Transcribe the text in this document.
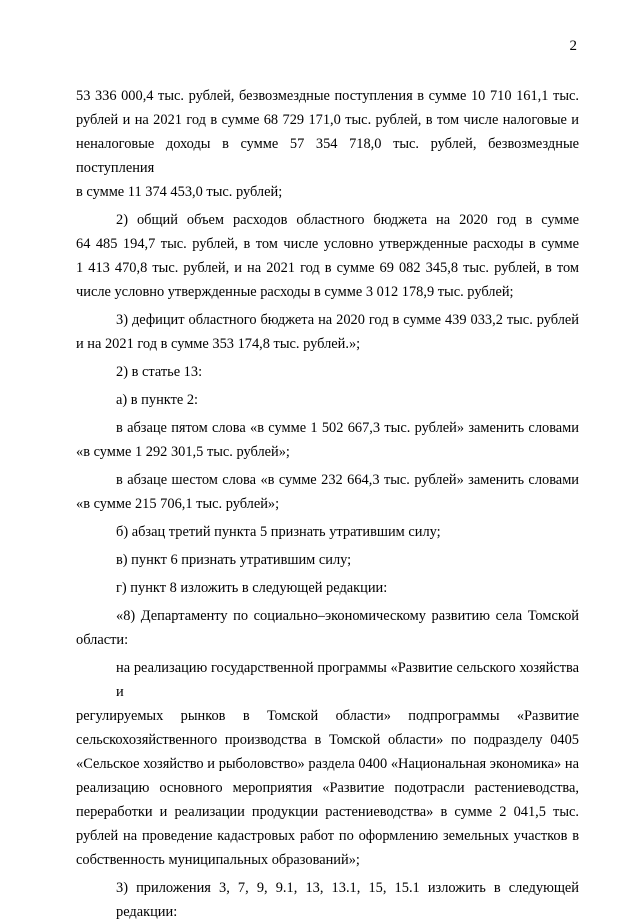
2

53 336 000,4 тыс. рублей, безвозмездные поступления в сумме 10 710 161,1 тыс.
рублей и на 2021 год в сумме 68 729 171,0 тыс. рублей, в том числе налоговые и
неналоговые доходы в сумме 57 354 718,0 тыс. рублей, безвозмездные поступления
в сумме 11 374 453,0 тыс. рублей;

2) общий объем расходов областного бюджета на 2020 год в сумме
64 485 194,7 тыс. рублей, в том числе условно утвержденные расходы в сумме
1 413 470,8 тыс. рублей, и на 2021 год в сумме 69 082 345,8 тыс. рублей, в том
числе условно утвержденные расходы в сумме 3 012 178,9 тыс. рублей;

3) дефицит областного бюджета на 2020 год в сумме 439 033,2 тыс. рублей
и на 2021 год в сумме 353 174,8 тыс. рублей.»;

2) в статье 13:

а) в пункте 2:

в абзаце пятом слова «в сумме 1 502 667,3 тыс. рублей» заменить словами
«в сумме 1 292 301,5 тыс. рублей»;

в абзаце шестом слова «в сумме 232 664,3 тыс. рублей» заменить словами
«в сумме 215 706,1 тыс. рублей»;

б) абзац третий пункта 5 признать утратившим силу;

в) пункт 6 признать утратившим силу;

г) пункт 8 изложить в следующей редакции:

«8) Департаменту по социально–экономическому развитию села Томской
области:

на реализацию государственной программы «Развитие сельского хозяйства и
регулируемых рынков в Томской области» подпрограммы «Развитие
сельскохозяйственного производства в Томской области» по подразделу 0405
«Сельское хозяйство и рыболовство» раздела 0400 «Национальная экономика» на
реализацию основного мероприятия «Развитие подотрасли растениеводства,
переработки и реализации продукции растениеводства» в сумме 2 041,5 тыс.
рублей на проведение кадастровых работ по оформлению земельных участков в
собственность муниципальных образований»;

3) приложения 3, 7, 9, 9.1, 13, 13.1, 15, 15.1 изложить в следующей редакции:
